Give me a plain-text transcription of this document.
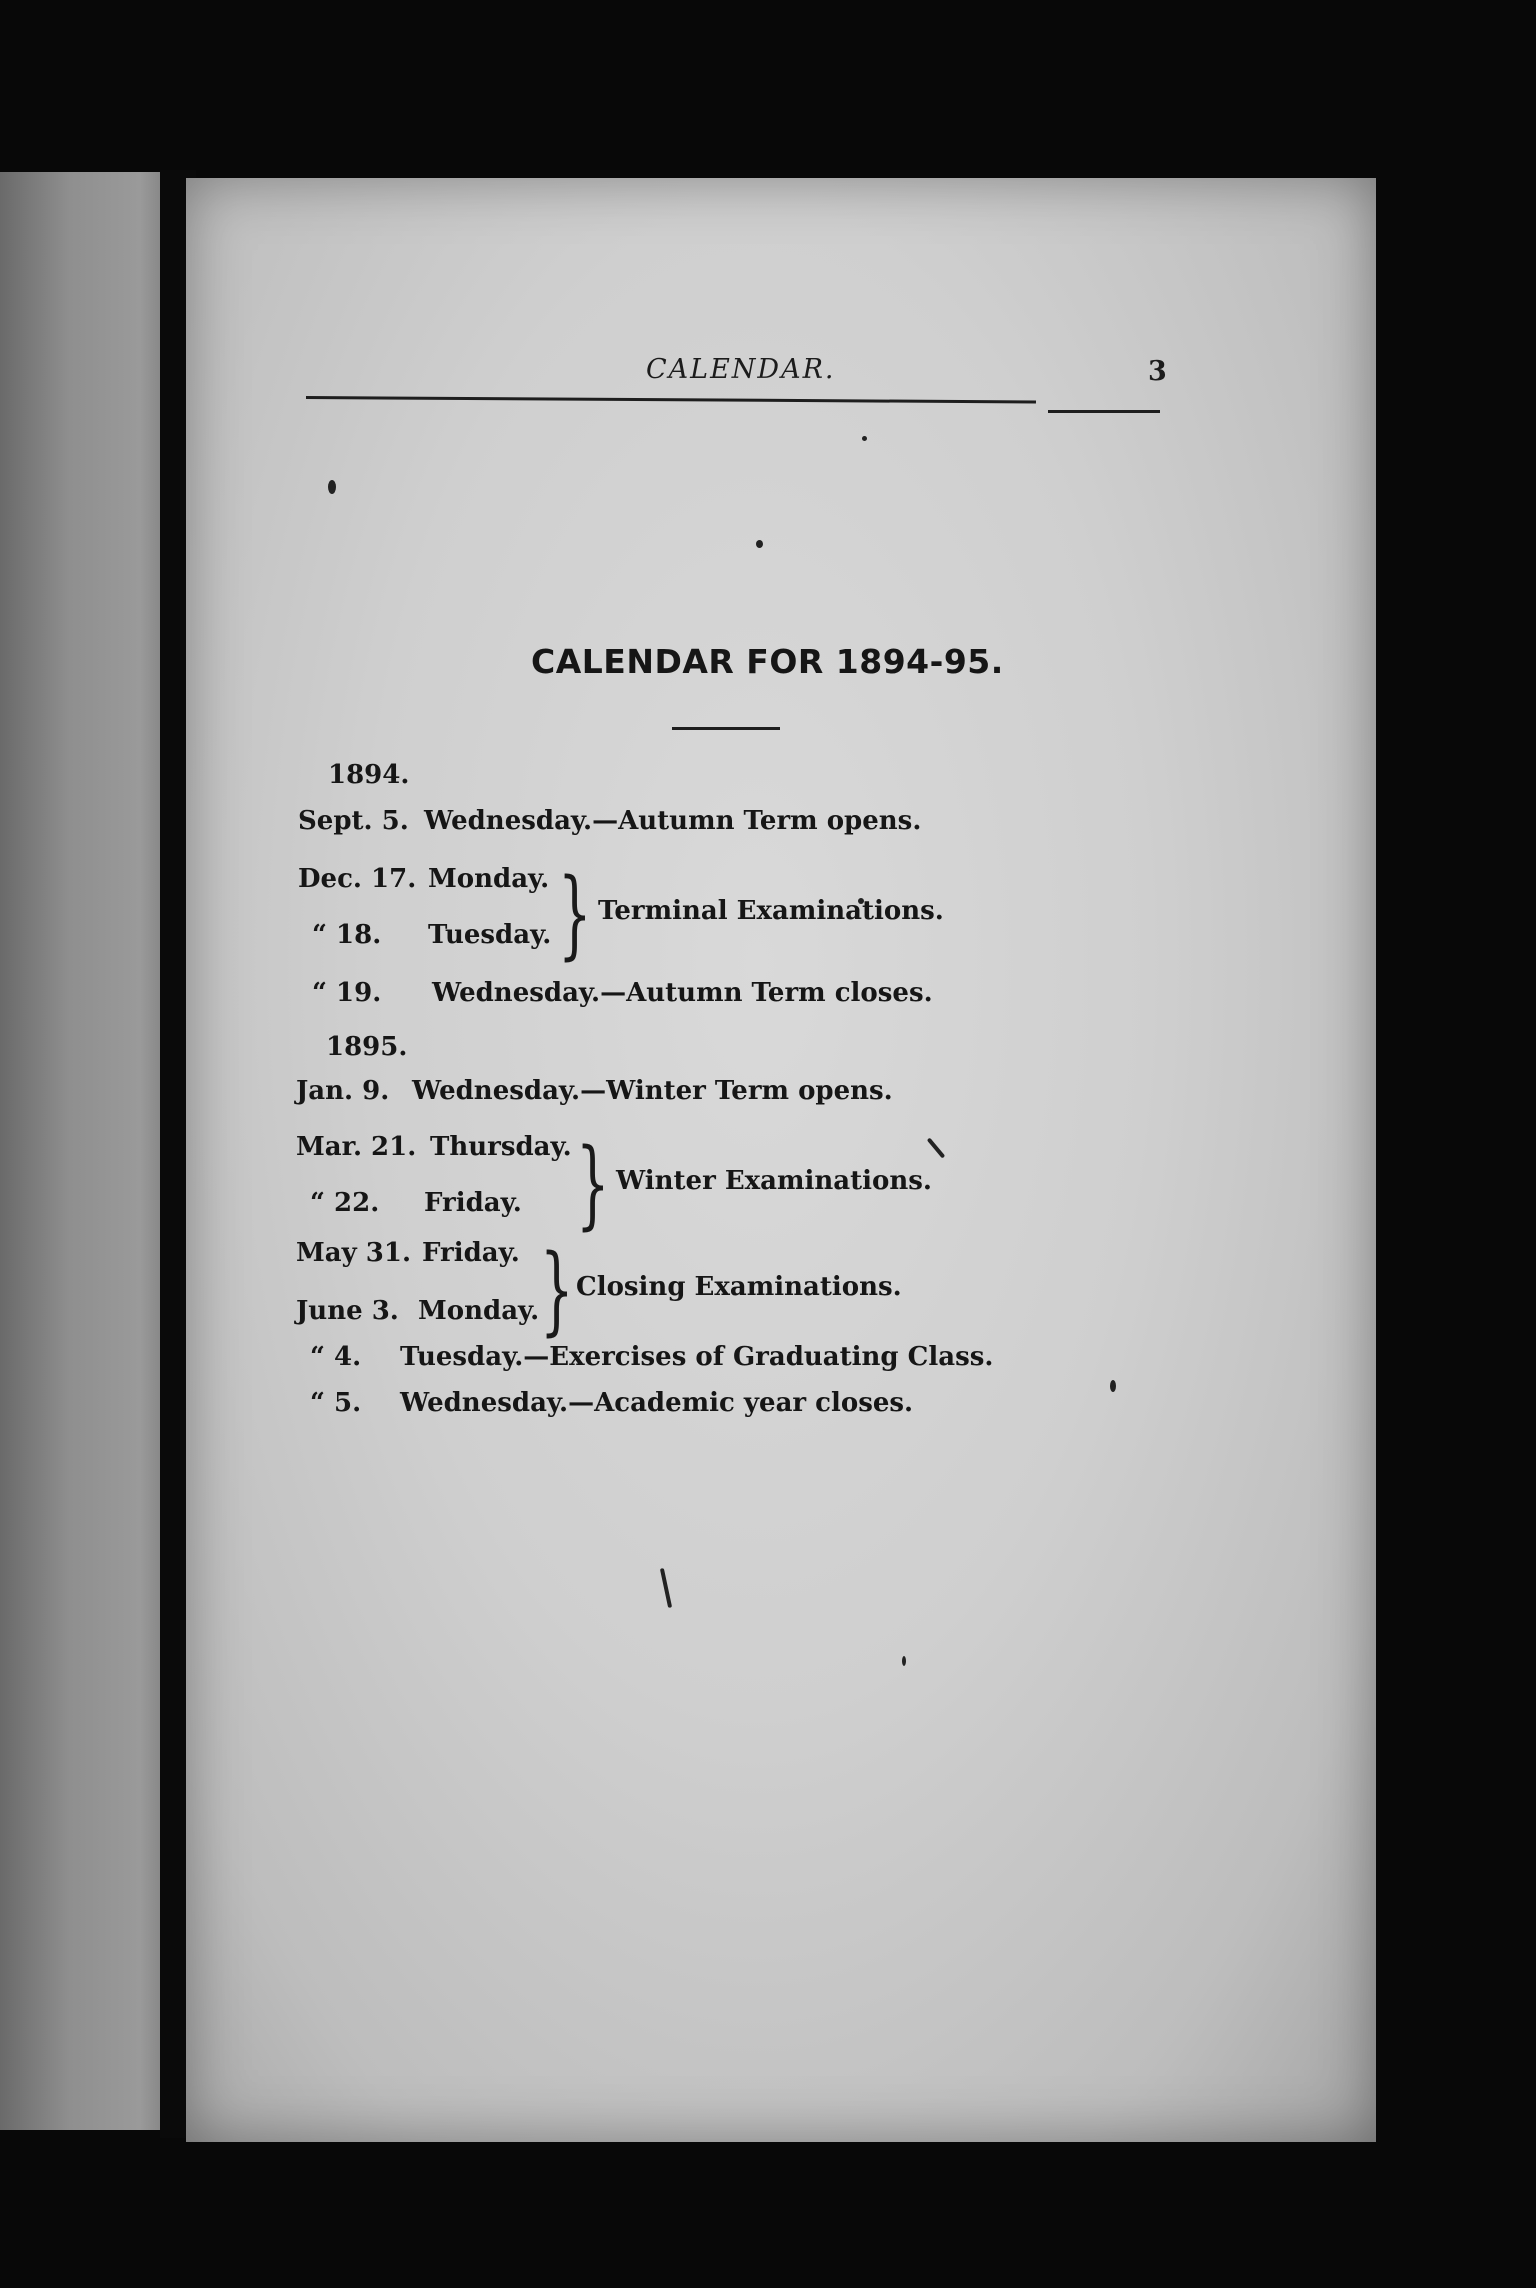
CALENDAR.	3
CALENDAR FOR 1894-95.
1894.
Sept. 5. Wednesday.—Autumn Term opens.
Dec. 17. Monday.
“ 18. Tuesday. } Terminal Examinations.
“ 19. Wednesday.—Autumn Term closes.
1895.
Jan. 9. Wednesday.—Winter Term opens.
Mar. 21. Thursday.
“ 22. Friday. } Winter Examinations.
May 31. Friday.
June 3. Monday. } Closing Examinations.
“ 4. Tuesday.—Exercises of Graduating Class.
“ 5. Wednesday.—Academic year closes.
